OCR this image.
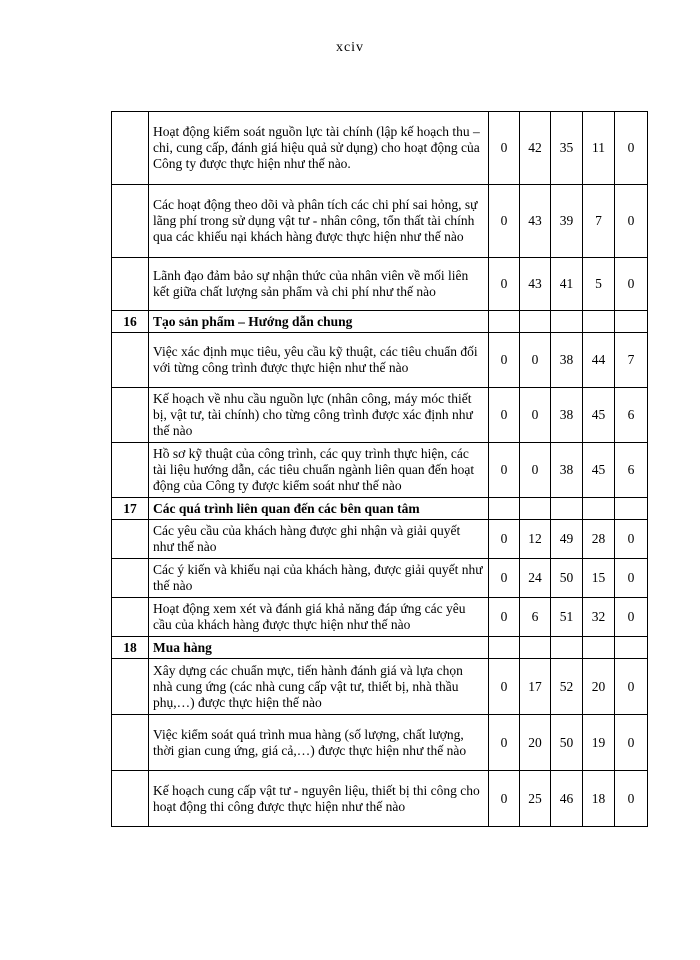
xciv
	Hoạt động kiểm soát nguồn lực tài chính (lập kế hoạch thu – chi, cung cấp, đánh giá hiệu quả sử dụng) cho hoạt động của Công ty được thực hiện như thế nào.	0	42	35	11	0
	Các hoạt động theo dõi và phân tích các chi phí sai hỏng, sự lãng phí trong sử dụng vật tư - nhân công, tổn thất tài chính qua các khiếu nại khách hàng được thực hiện như thế nào	0	43	39	7	0
	Lãnh đạo đảm bảo sự nhận thức của nhân viên về mối liên kết giữa chất lượng sản phẩm và chi phí như thế nào	0	43	41	5	0
16	Tạo sản phẩm – Hướng dẫn chung					
	Việc xác định mục tiêu, yêu cầu kỹ thuật, các tiêu chuẩn đối với từng công trình được thực hiện như thế nào	0	0	38	44	7
	Kế hoạch về nhu cầu nguồn lực (nhân công, máy móc thiết bị, vật tư, tài chính) cho từng công trình được xác định như thế nào	0	0	38	45	6
	Hồ sơ kỹ thuật của công trình, các quy trình thực hiện, các tài liệu hướng dẫn, các tiêu chuẩn ngành liên quan đến hoạt động của Công ty được kiểm soát như thế nào	0	0	38	45	6
17	Các quá trình liên quan đến các bên quan tâm					
	Các yêu cầu của khách hàng được ghi nhận và giải quyết như thế nào	0	12	49	28	0
	Các ý kiến và khiếu nại của khách hàng, được giải quyết như thế nào	0	24	50	15	0
	Hoạt động xem xét và đánh giá khả năng đáp ứng các yêu cầu của khách hàng được thực hiện như thế nào	0	6	51	32	0
18	Mua hàng					
	Xây dựng các chuẩn mực, tiến hành đánh giá và lựa chọn nhà cung ứng (các nhà cung cấp vật tư, thiết bị, nhà thầu phụ,…) được thực hiện thế nào	0	17	52	20	0
	Việc kiểm soát quá trình mua hàng (số lượng, chất lượng, thời gian cung ứng, giá cả,…) được thực hiện như thế nào	0	20	50	19	0
	Kế hoạch cung cấp vật tư - nguyên liệu, thiết bị thi công cho hoạt động thi công được thực hiện như thế nào	0	25	46	18	0
